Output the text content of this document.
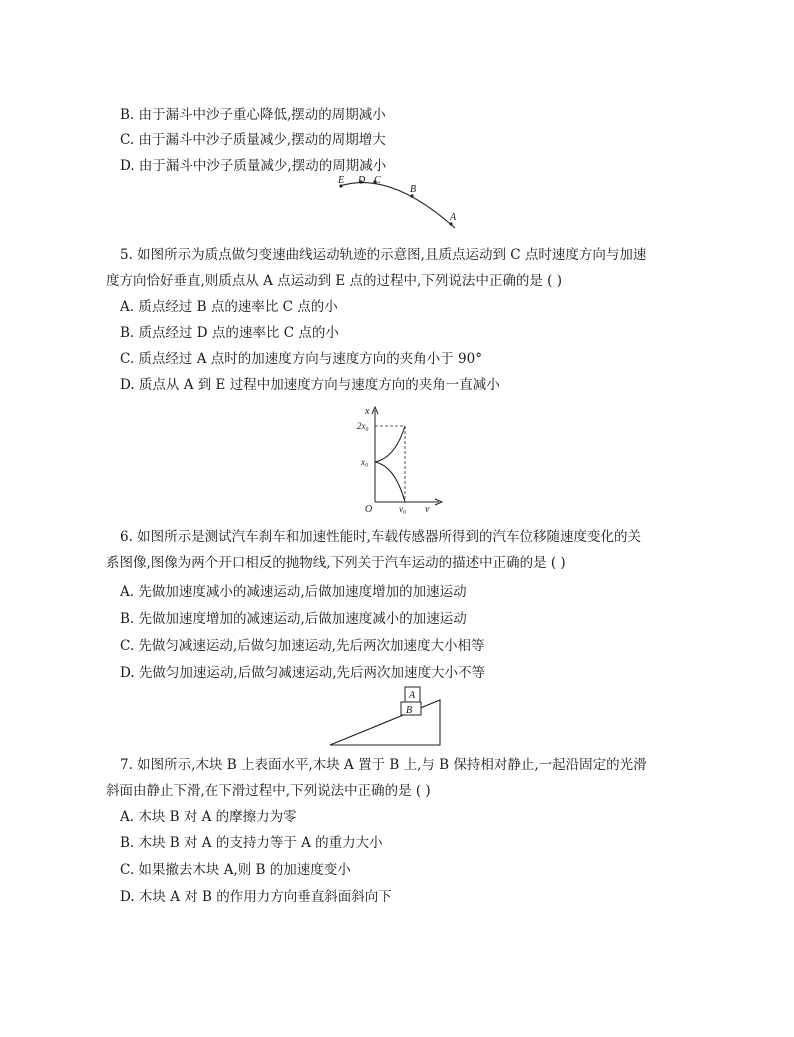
B. 由于漏斗中沙子重心降低,摆动的周期减小
C. 由于漏斗中沙子质量减少,摆动的周期增大
D. 由于漏斗中沙子质量减少,摆动的周期减小
E D C
B
A
5. 如图所示为质点做匀变速曲线运动轨迹的示意图,且质点运动到 C 点时速度方向与加速
度方向恰好垂直,则质点从 A 点运动到 E 点的过程中,下列说法中正确的是 ( )
A. 质点经过 B 点的速率比 C 点的小
B. 质点经过 D 点的速率比 C 点的小
C. 质点经过 A 点时的加速度方向与速度方向的夹角小于 90°
D. 质点从 A 到 E 过程中加速度方向与速度方向的夹角一直减小
x
2x₀
x₀
O	v₀ v
6. 如图所示是测试汽车刹车和加速性能时,车载传感器所得到的汽车位移随速度变化的关
系图像,图像为两个开口相反的抛物线,下列关于汽车运动的描述中正确的是 ( )
A. 先做加速度减小的减速运动,后做加速度增加的加速运动
B. 先做加速度增加的减速运动,后做加速度减小的加速运动
C. 先做匀减速运动,后做匀加速运动,先后两次加速度大小相等
D. 先做匀加速运动,后做匀减速运动,先后两次加速度大小不等
A
B
7. 如图所示,木块 B 上表面水平,木块 A 置于 B 上,与 B 保持相对静止,一起沿固定的光滑
斜面由静止下滑,在下滑过程中,下列说法中正确的是 ( )
A. 木块 B 对 A 的摩擦力为零
B. 木块 B 对 A 的支持力等于 A 的重力大小
C. 如果撤去木块 A,则 B 的加速度变小
D. 木块 A 对 B 的作用力方向垂直斜面斜向下
